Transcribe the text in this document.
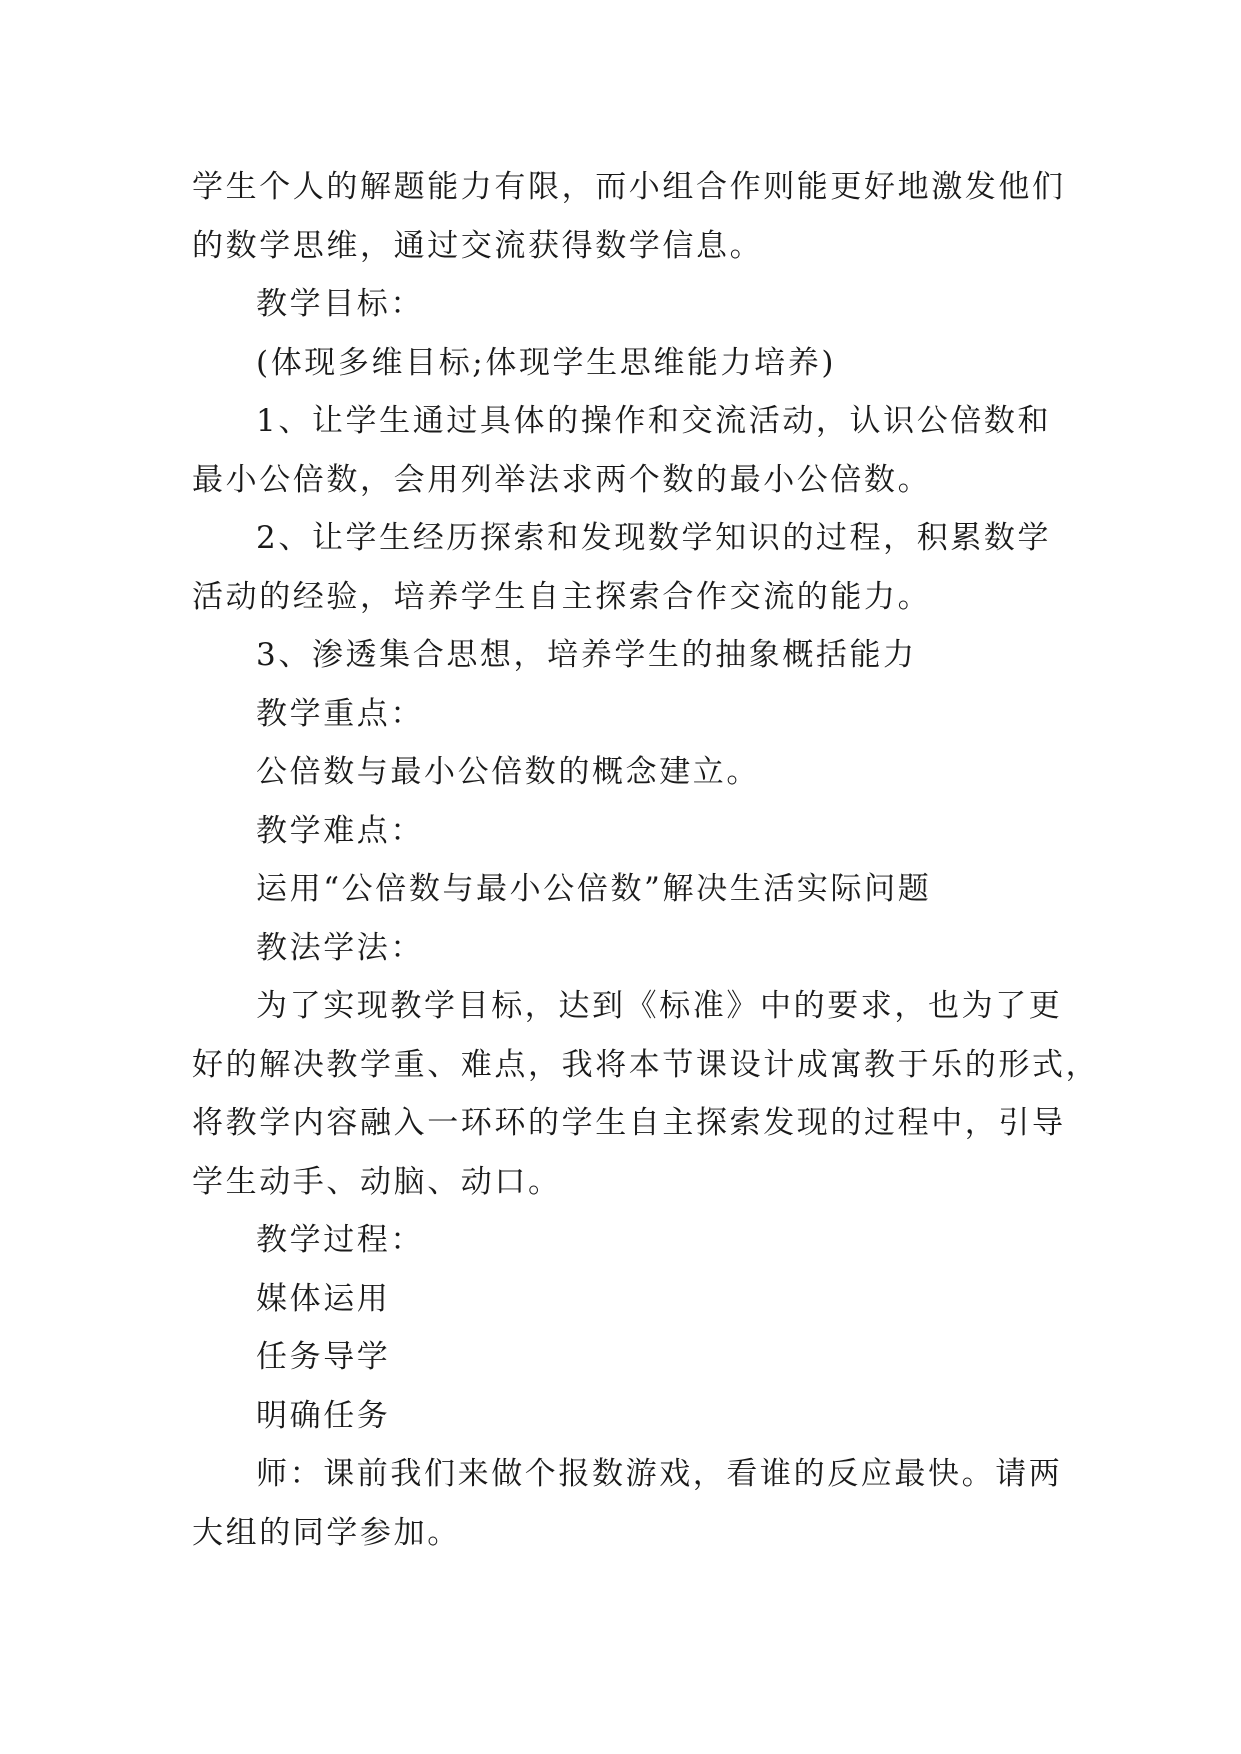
学生个人的解题能力有限，而小组合作则能更好地激发他们
的数学思维，通过交流获得数学信息。
教学目标：
(体现多维目标;体现学生思维能力培养)
1、让学生通过具体的操作和交流活动，认识公倍数和
最小公倍数，会用列举法求两个数的最小公倍数。
2、让学生经历探索和发现数学知识的过程，积累数学
活动的经验，培养学生自主探索合作交流的能力。
3、渗透集合思想，培养学生的抽象概括能力
教学重点：
公倍数与最小公倍数的概念建立。
教学难点：
运用“公倍数与最小公倍数”解决生活实际问题
教法学法：
为了实现教学目标，达到《标准》中的要求，也为了更
好的解决教学重、难点，我将本节课设计成寓教于乐的形式，
将教学内容融入一环环的学生自主探索发现的过程中，引导
学生动手、动脑、动口。
教学过程：
媒体运用
任务导学
明确任务
师：课前我们来做个报数游戏，看谁的反应最快。请两
大组的同学参加。
